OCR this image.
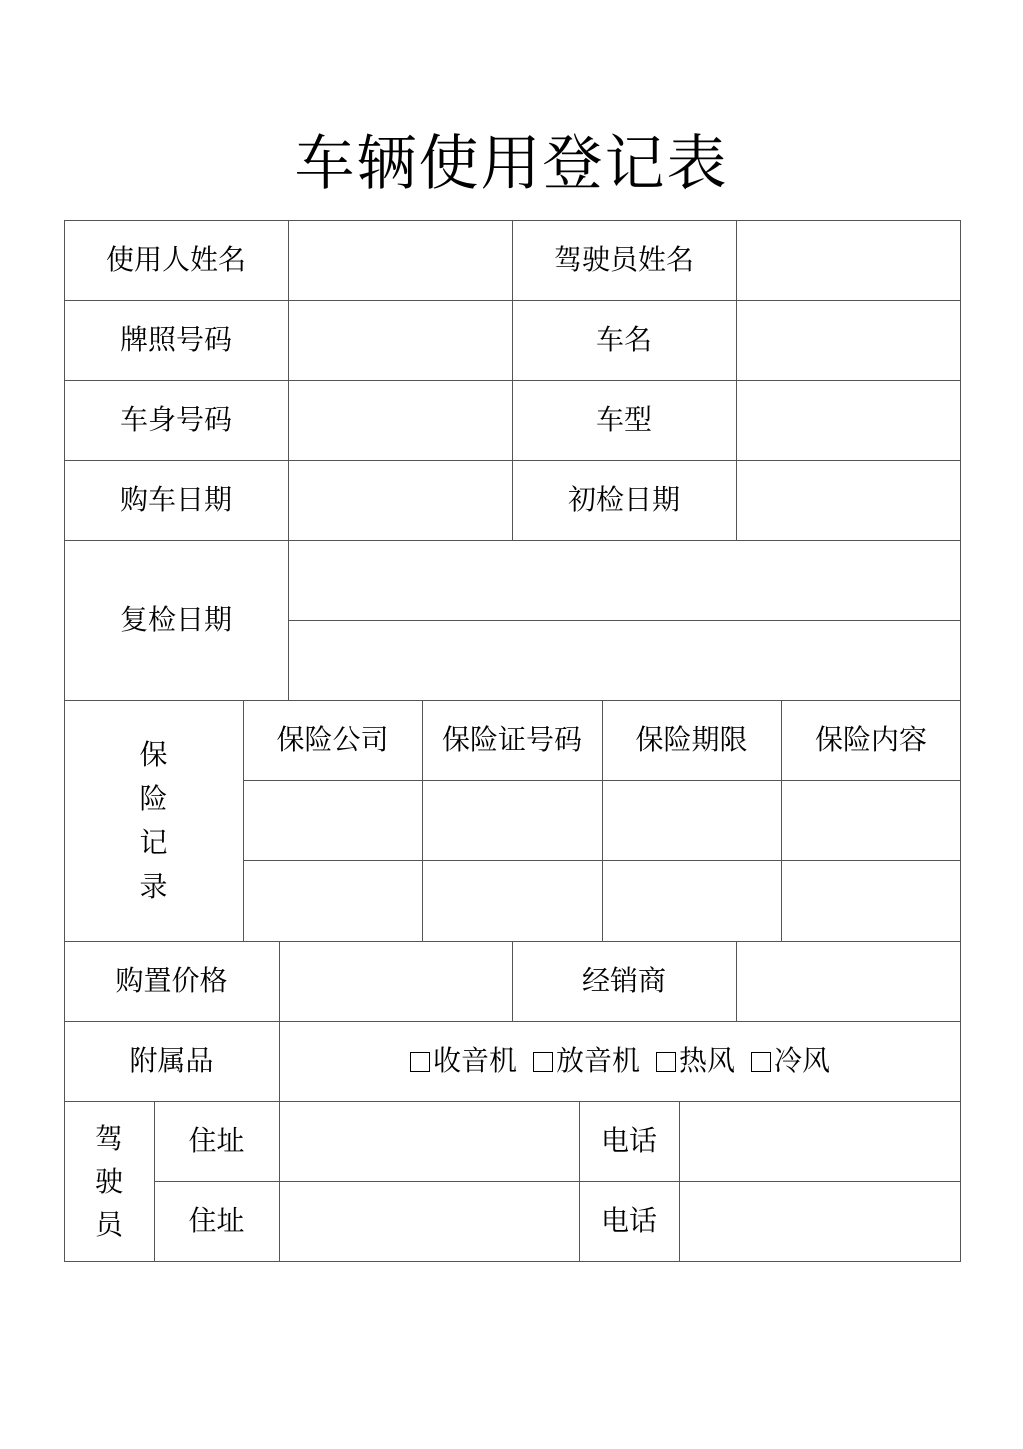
车辆使用登记表
使用人姓名	驾驶员姓名
牌照号码	车名
车身号码	车型
购车日期	初检日期
复检日期
保
险
记
录
保险公司	保险证号码	保险期限	保险内容
购置价格	经销商
附属品	收音机 放音机 热风 冷风
驾
驶
员
住址	电话
住址	电话
